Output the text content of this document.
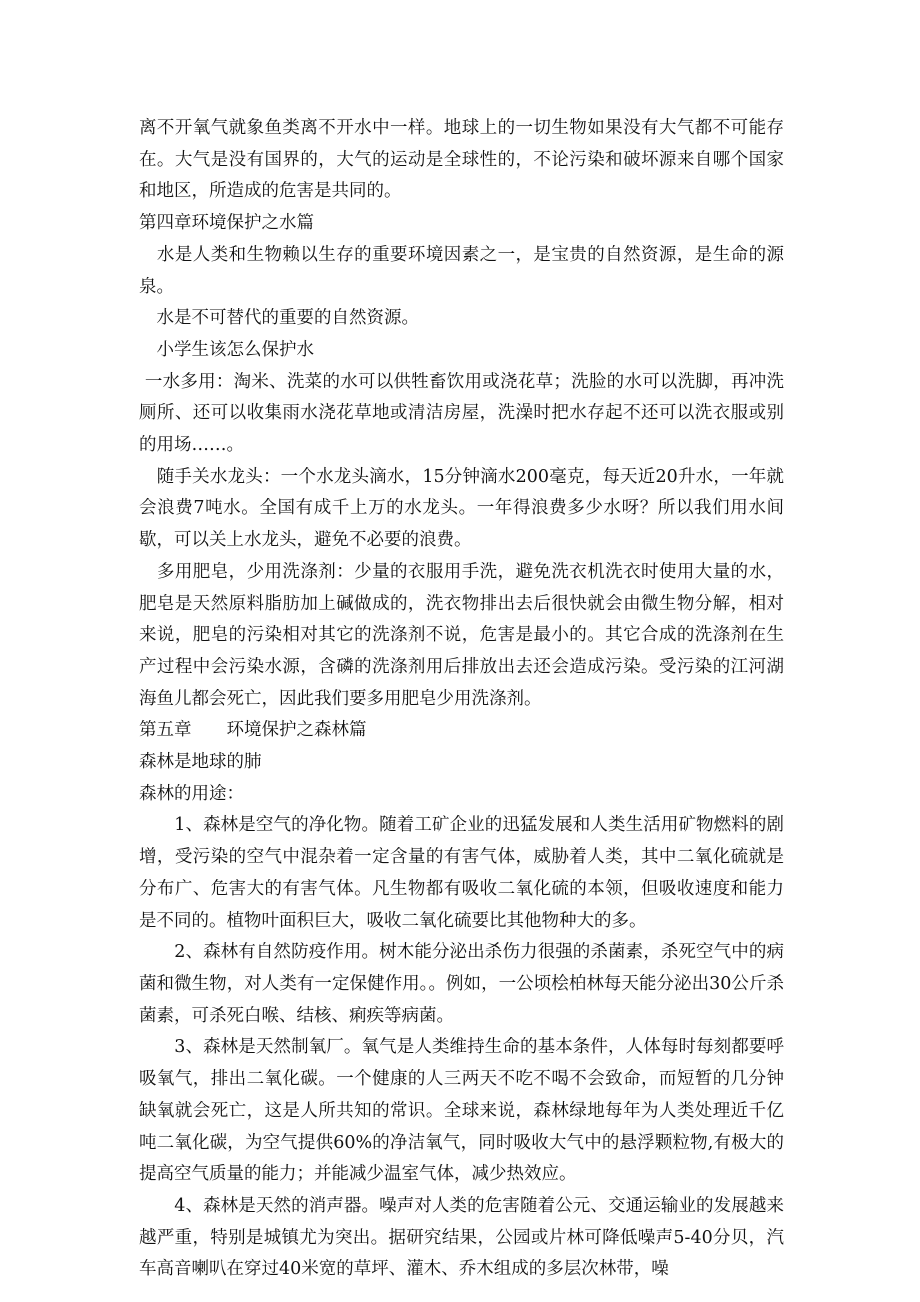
离不开氧气就象鱼类离不开水中一样。地球上的一切生物如果没有大气都不可能存在。大气是没有国界的，大气的运动是全球性的，不论污染和破坏源来自哪个国家和地区，所造成的危害是共同的。

第四章环境保护之水篇

　水是人类和生物赖以生存的重要环境因素之一，是宝贵的自然资源，是生命的源泉。

　水是不可替代的重要的自然资源。

　小学生该怎么保护水

一水多用：淘米、洗菜的水可以供牲畜饮用或浇花草；洗脸的水可以洗脚，再冲洗厕所、还可以收集雨水浇花草地或清洁房屋，洗澡时把水存起不还可以洗衣服或别的用场……。

　随手关水龙头：一个水龙头滴水，15分钟滴水200毫克，每天近20升水，一年就会浪费7吨水。全国有成千上万的水龙头。一年得浪费多少水呀？所以我们用水间歇，可以关上水龙头，避免不必要的浪费。

　多用肥皂，少用洗涤剂：少量的衣服用手洗，避免洗衣机洗衣时使用大量的水，肥皂是天然原料脂肪加上碱做成的，洗衣物排出去后很快就会由微生物分解，相对来说，肥皂的污染相对其它的洗涤剂不说，危害是最小的。其它合成的洗涤剂在生产过程中会污染水源，含磷的洗涤剂用后排放出去还会造成污染。受污染的江河湖海鱼儿都会死亡，因此我们要多用肥皂少用洗涤剂。

第五章　　环境保护之森林篇

森林是地球的肺

森林的用途：

　　1、森林是空气的净化物。随着工矿企业的迅猛发展和人类生活用矿物燃料的剧增，受污染的空气中混杂着一定含量的有害气体，威胁着人类，其中二氧化硫就是分布广、危害大的有害气体。凡生物都有吸收二氧化硫的本领，但吸收速度和能力是不同的。植物叶面积巨大，吸收二氧化硫要比其他物种大的多。

　　2、森林有自然防疫作用。树木能分泌出杀伤力很强的杀菌素，杀死空气中的病菌和微生物，对人类有一定保健作用。。例如，一公顷桧柏林每天能分泌出30公斤杀菌素，可杀死白喉、结核、痢疾等病菌。

　　3、森林是天然制氧厂。氧气是人类维持生命的基本条件，人体每时每刻都要呼吸氧气，排出二氧化碳。一个健康的人三两天不吃不喝不会致命，而短暂的几分钟缺氧就会死亡，这是人所共知的常识。全球来说，森林绿地每年为人类处理近千亿吨二氧化碳，为空气提供60%的净洁氧气，同时吸收大气中的悬浮颗粒物,有极大的提高空气质量的能力；并能减少温室气体，减少热效应。

　　4、森林是天然的消声器。噪声对人类的危害随着公元、交通运输业的发展越来越严重，特别是城镇尤为突出。据研究结果，公园或片林可降低噪声5-40分贝，汽车高音喇叭在穿过40米宽的草坪、灌木、乔木组成的多层次林带，噪
